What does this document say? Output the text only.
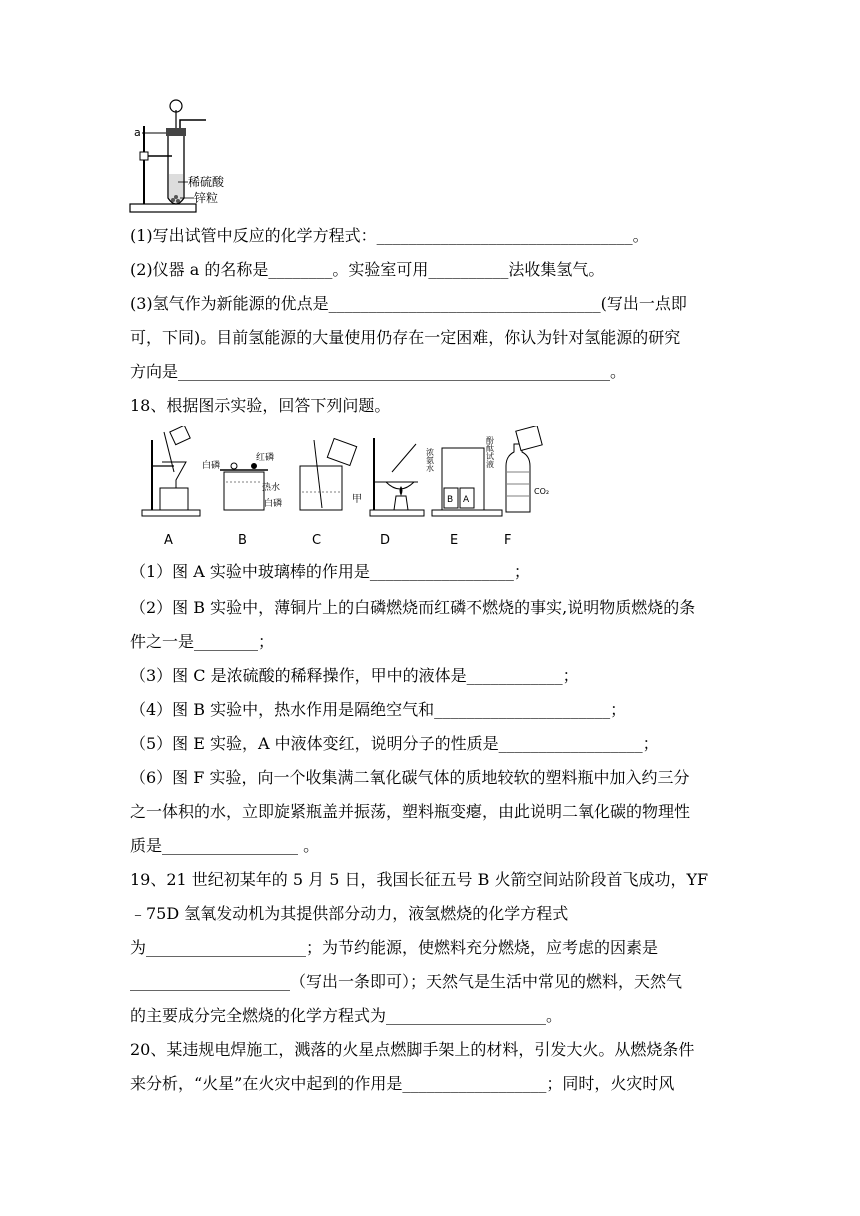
a
稀硫酸
锌粒
(1)写出试管中反应的化学方程式：________________________________。
(2)仪器 a 的名称是________。实验室可用__________法收集氢气。
(3)氢气作为新能源的优点是__________________________________(写出一点即
可，下同)。目前氢能源的大量使用仍存在一定困难，你认为针对氢能源的研究
方向是______________________________________________________。
18、根据图示实验，回答下列问题。
白磷
红磷
热水
白磷	甲	B A
浓氨水	酚酞试液
CO₂
A	B	C	D	E	F
（1）图 A 实验中玻璃棒的作用是__________________；
（2）图 B 实验中，薄铜片上的白磷燃烧而红磷不燃烧的事实,说明物质燃烧的条
件之一是________；
（3）图 C 是浓硫酸的稀释操作，甲中的液体是____________；
（4）图 B 实验中，热水作用是隔绝空气和______________________；
（5）图 E 实验，A 中液体变红，说明分子的性质是__________________；
（6）图 F 实验，向一个收集满二氧化碳气体的质地较软的塑料瓶中加入约三分
之一体积的水，立即旋紧瓶盖并振荡，塑料瓶变瘪，由此说明二氧化碳的物理性
质是_________________ 。
19、21 世纪初某年的 5 月 5 日，我国长征五号 B 火箭空间站阶段首飞成功，YF
﹣75D 氢氧发动机为其提供部分动力，液氢燃烧的化学方程式
为____________________；为节约能源，使燃料充分燃烧，应考虑的因素是
____________________（写出一条即可）；天然气是生活中常见的燃料，天然气
的主要成分完全燃烧的化学方程式为____________________。
20、某违规电焊施工，溅落的火星点燃脚手架上的材料，引发大火。从燃烧条件
来分析，“火星”在火灾中起到的作用是__________________；同时，火灾时风
